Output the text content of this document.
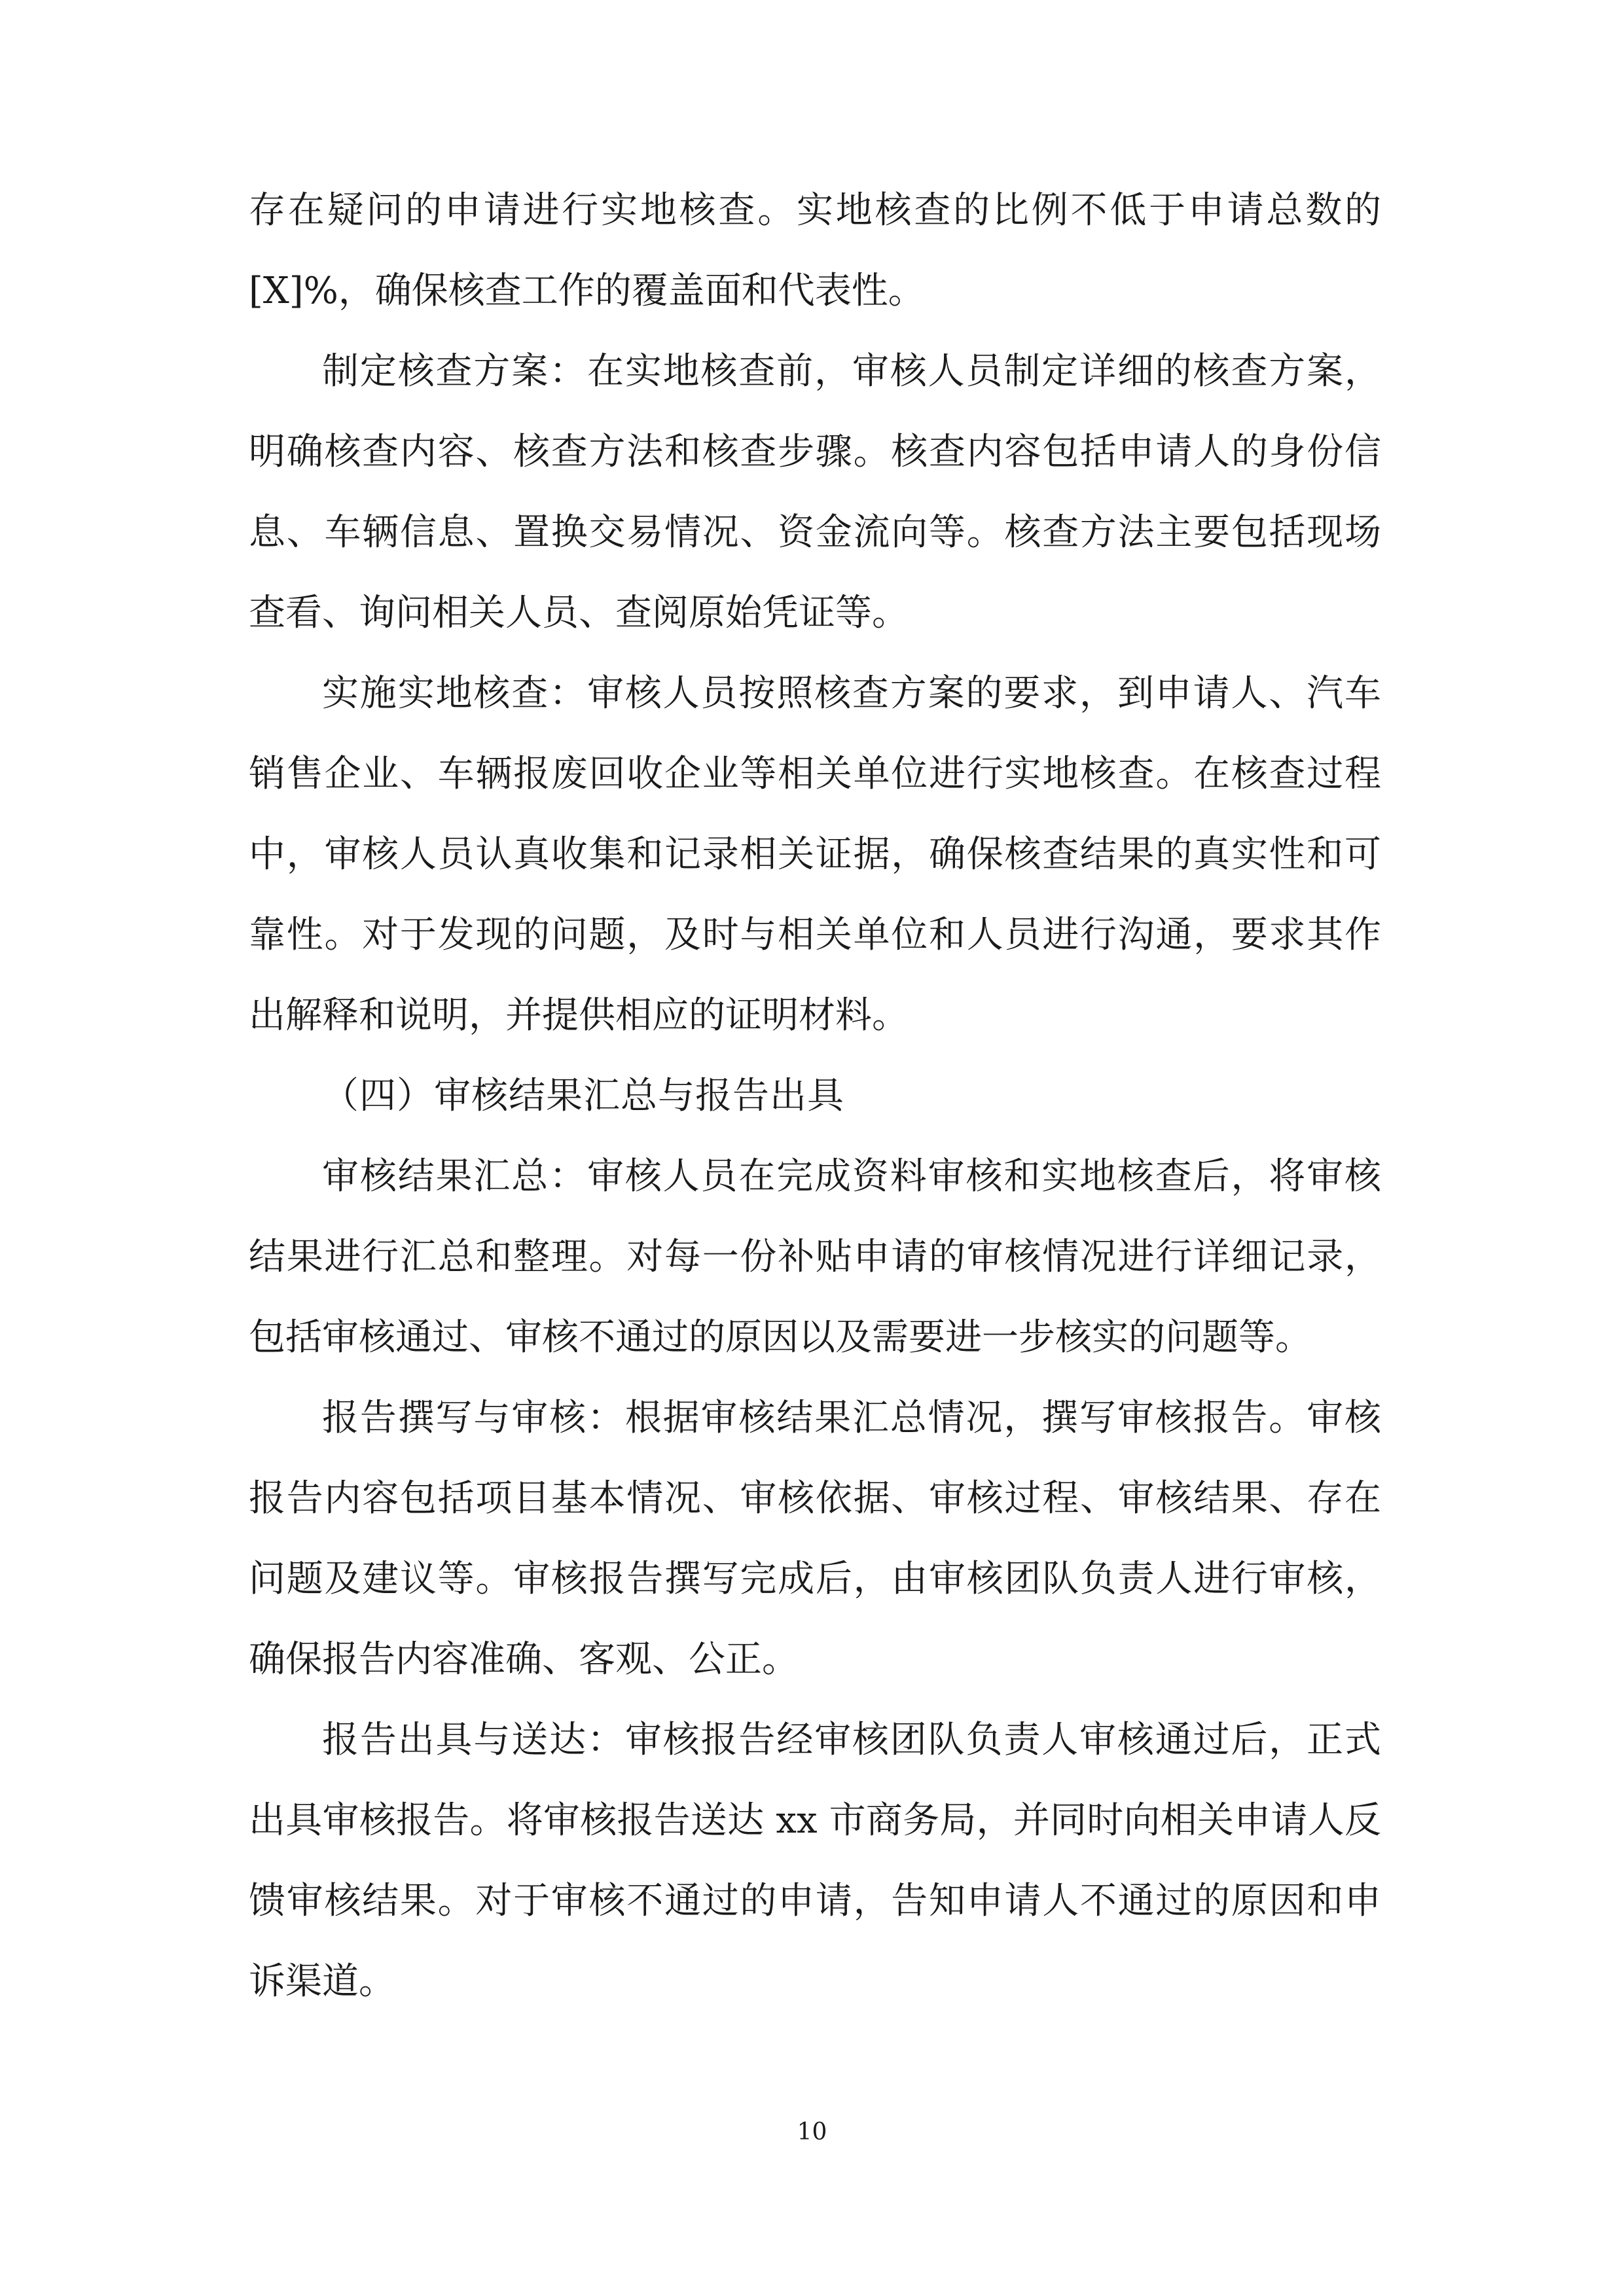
存在疑问的申请进行实地核查。实地核查的比例不低于申请总数的[X]%，确保核查工作的覆盖面和代表性。

制定核查方案：在实地核查前，审核人员制定详细的核查方案，明确核查内容、核查方法和核查步骤。核查内容包括申请人的身份信息、车辆信息、置换交易情况、资金流向等。核查方法主要包括现场查看、询问相关人员、查阅原始凭证等。

实施实地核查：审核人员按照核查方案的要求，到申请人、汽车销售企业、车辆报废回收企业等相关单位进行实地核查。在核查过程中，审核人员认真收集和记录相关证据，确保核查结果的真实性和可靠性。对于发现的问题，及时与相关单位和人员进行沟通，要求其作出解释和说明，并提供相应的证明材料。

（四）审核结果汇总与报告出具

审核结果汇总：审核人员在完成资料审核和实地核查后，将审核结果进行汇总和整理。对每一份补贴申请的审核情况进行详细记录，包括审核通过、审核不通过的原因以及需要进一步核实的问题等。

报告撰写与审核：根据审核结果汇总情况，撰写审核报告。审核报告内容包括项目基本情况、审核依据、审核过程、审核结果、存在问题及建议等。审核报告撰写完成后，由审核团队负责人进行审核，确保报告内容准确、客观、公正。

报告出具与送达：审核报告经审核团队负责人审核通过后，正式出具审核报告。将审核报告送达 xx 市商务局，并同时向相关申请人反馈审核结果。对于审核不通过的申请，告知申请人不通过的原因和申诉渠道。

10
